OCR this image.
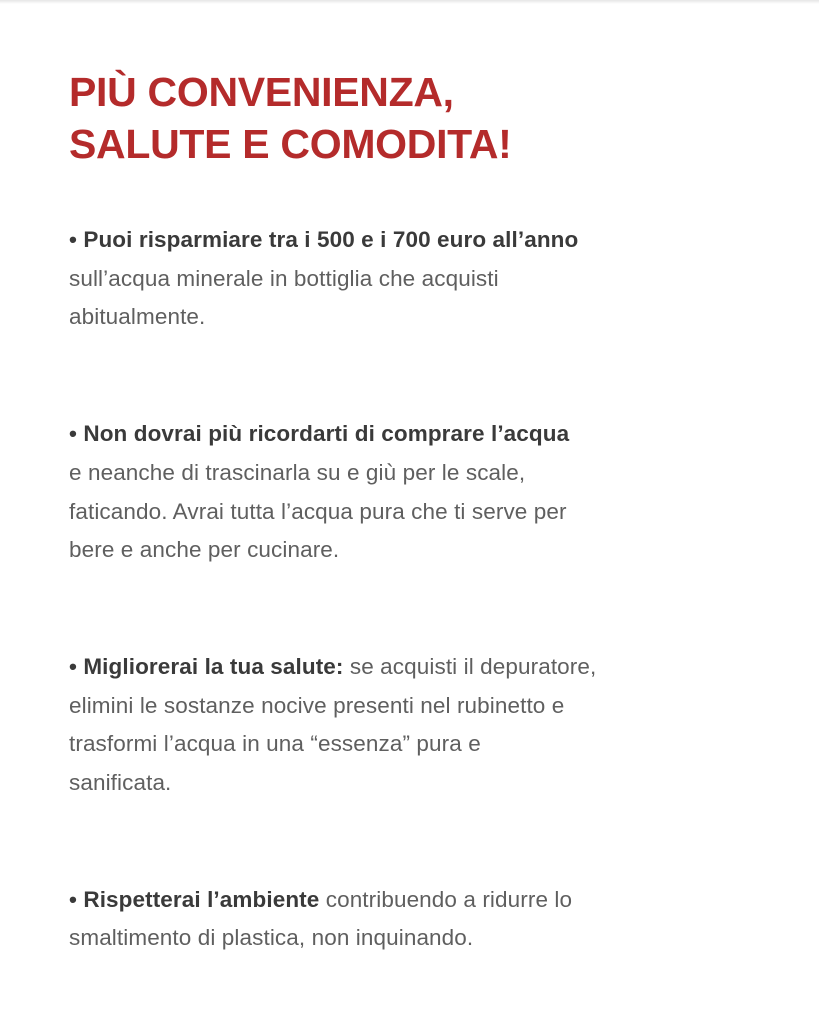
PIÙ CONVENIENZA,
SALUTE E COMODITA!

• Puoi risparmiare tra i 500 e i 700 euro all’anno
sull’acqua minerale in bottiglia che acquisti
abitualmente.

• Non dovrai più ricordarti di comprare l’acqua
e neanche di trascinarla su e giù per le scale,
faticando. Avrai tutta l’acqua pura che ti serve per
bere e anche per cucinare.

• Migliorerai la tua salute: se acquisti il depuratore,
elimini le sostanze nocive presenti nel rubinetto e
trasformi l’acqua in una “essenza” pura e
sanificata.

• Rispetterai l’ambiente contribuendo a ridurre lo
smaltimento di plastica, non inquinando.
